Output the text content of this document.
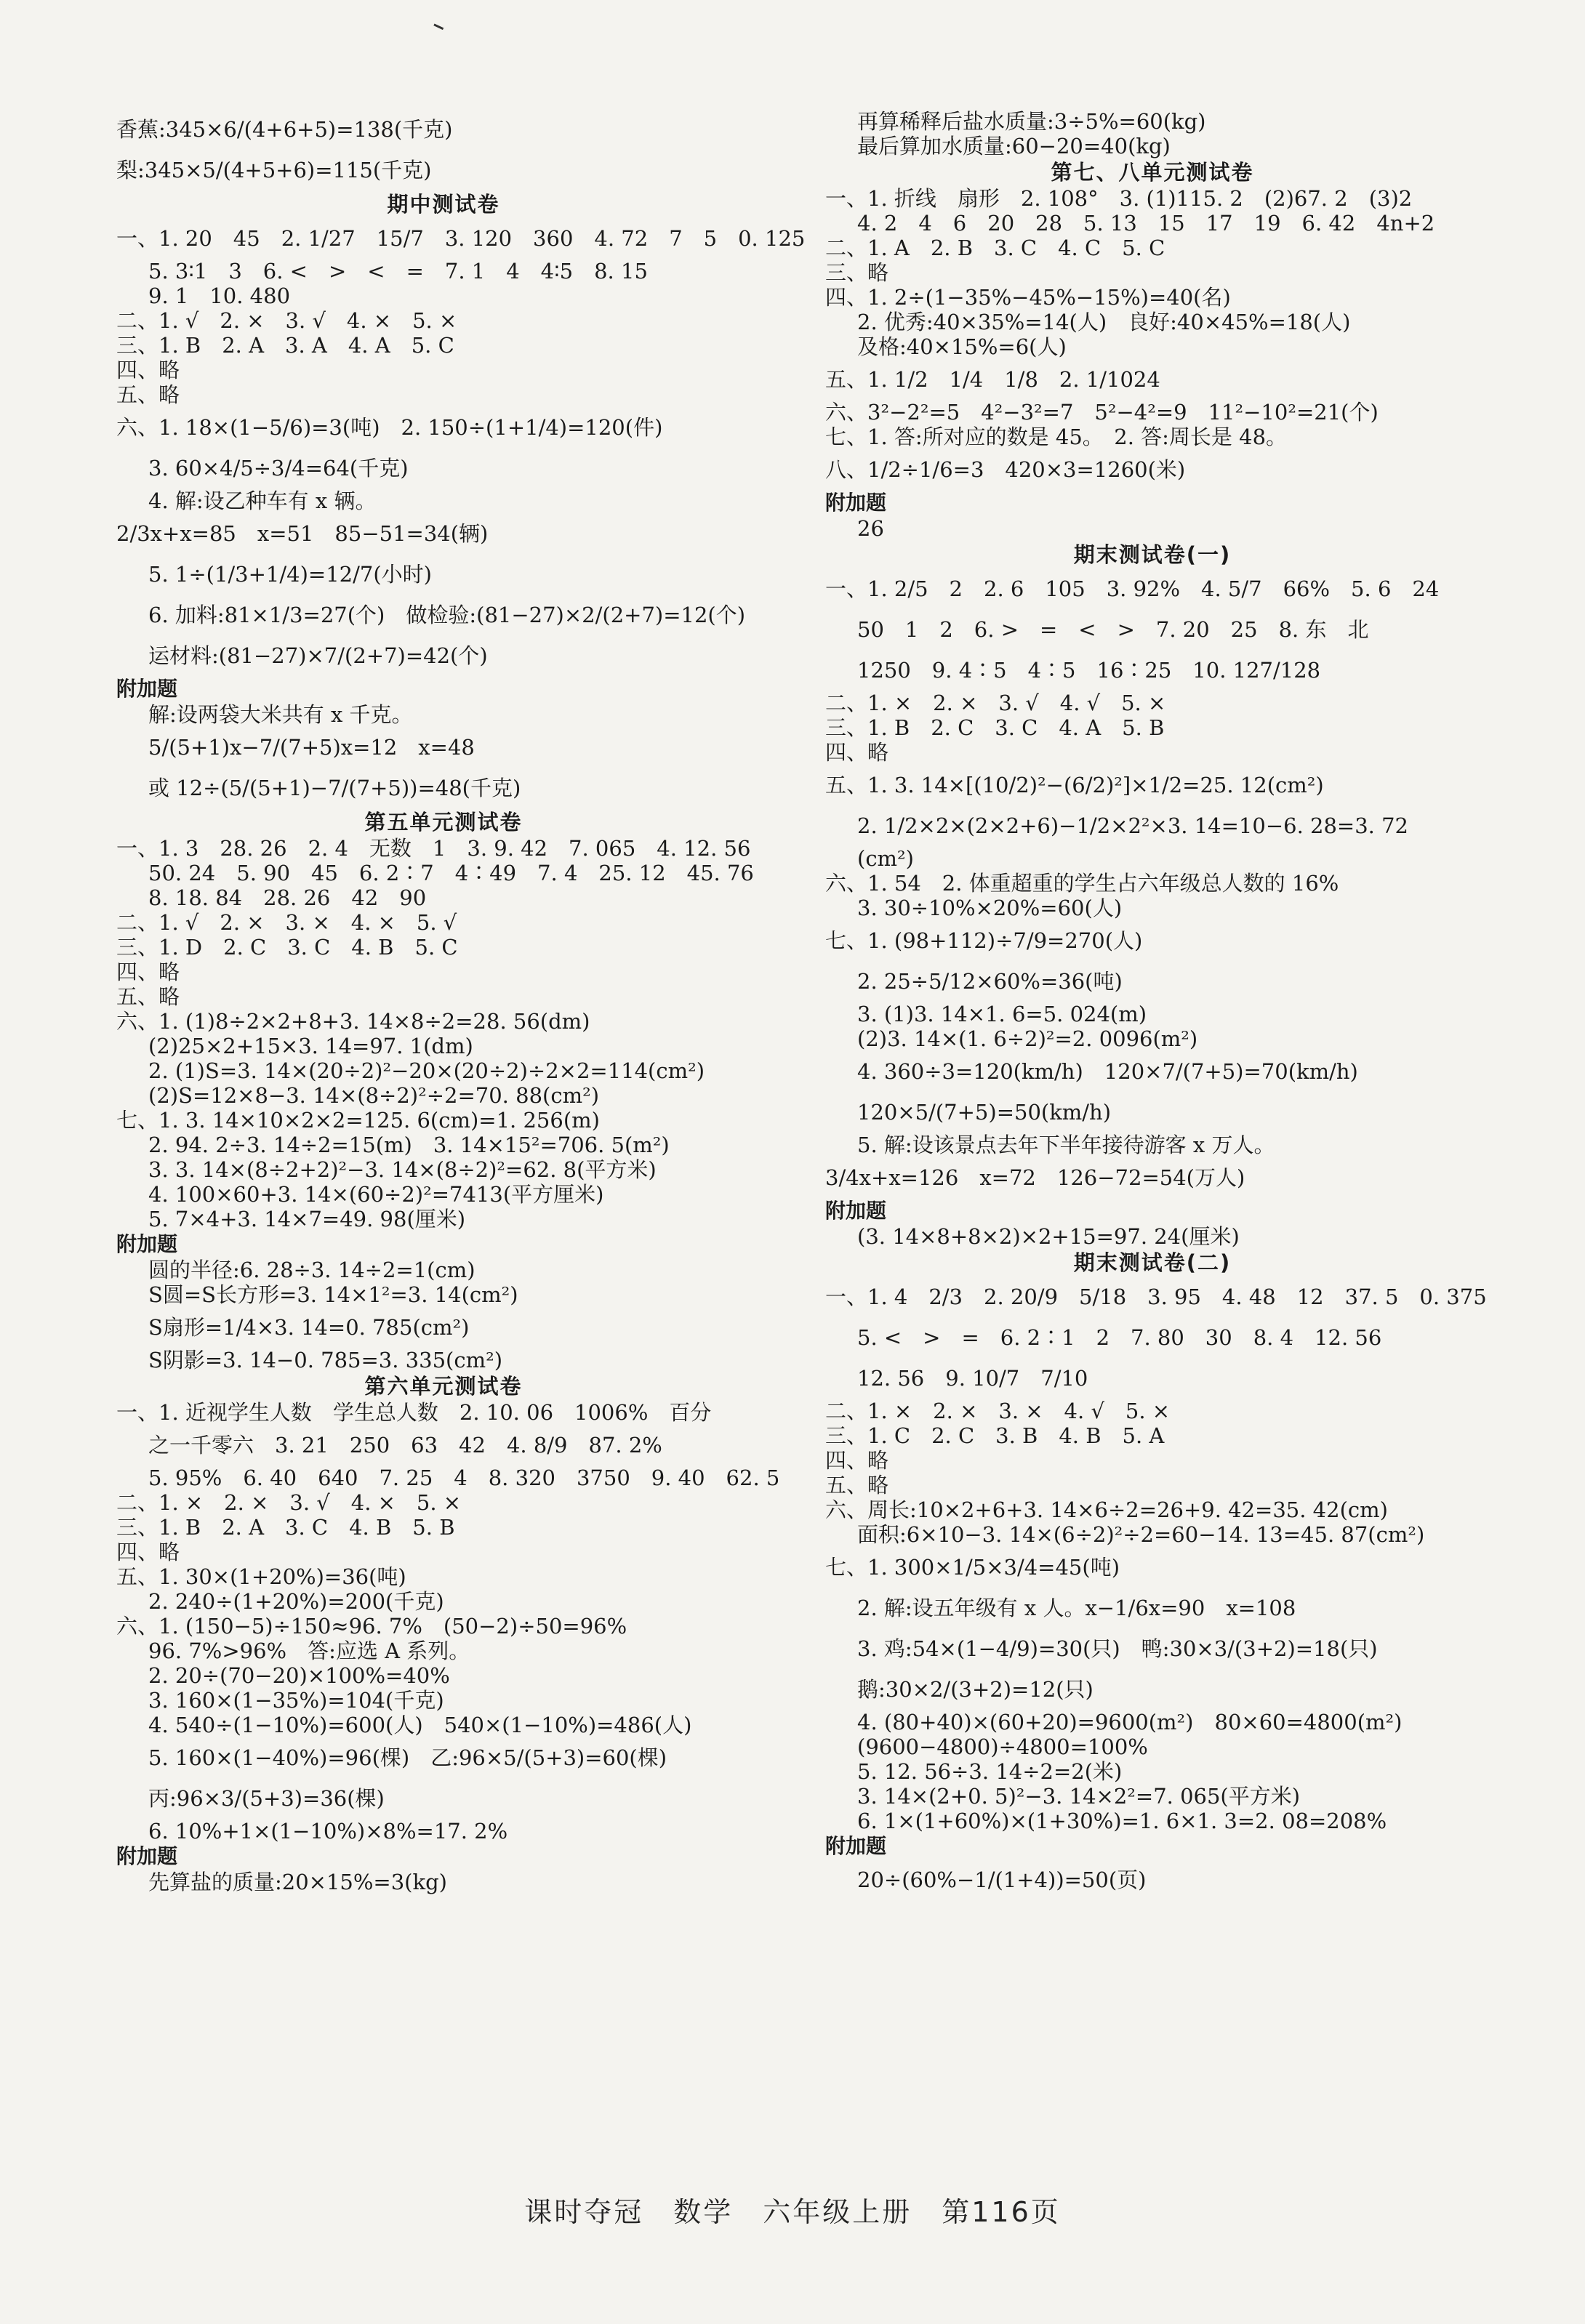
香蕉:345×6/(4+6+5)=138(千克)
梨:345×5/(4+5+6)=115(千克)
期中测试卷
一、1. 20　45　2. 1/27　15/7　3. 120　360　4. 72　7　5　0. 125
5. 3∶1　3　6. <　>　<　=　7. 1　4　4∶5　8. 15
9. 1　10. 480
二、1. √　2. ×　3. √　4. ×　5. ×
三、1. B　2. A　3. A　4. A　5. C
四、略
五、略
六、1. 18×(1−5/6)=3(吨)　2. 150÷(1+1/4)=120(件)
3. 60×4/5÷3/4=64(千克)
4. 解:设乙种车有 x 辆。
2/3x+x=85　x=51　85−51=34(辆)
5. 1÷(1/3+1/4)=12/7(小时)
6. 加料:81×1/3=27(个)　做检验:(81−27)×2/(2+7)=12(个)
运材料:(81−27)×7/(2+7)=42(个)
附加题
解:设两袋大米共有 x 千克。
5/(5+1)x−7/(7+5)x=12　x=48
或 12÷(5/(5+1)−7/(7+5))=48(千克)
第五单元测试卷
一、1. 3　28. 26　2. 4　无数　1　3. 9. 42　7. 065　4. 12. 56
50. 24　5. 90　45　6. 2∶7　4∶49　7. 4　25. 12　45. 76
8. 18. 84　28. 26　42　90
二、1. √　2. ×　3. ×　4. ×　5. √
三、1. D　2. C　3. C　4. B　5. C
四、略
五、略
六、1. (1)8÷2×2+8+3. 14×8÷2=28. 56(dm)
(2)25×2+15×3. 14=97. 1(dm)
2. (1)S=3. 14×(20÷2)²−20×(20÷2)÷2×2=114(cm²)
(2)S=12×8−3. 14×(8÷2)²÷2=70. 88(cm²)
七、1. 3. 14×10×2×2=125. 6(cm)=1. 256(m)
2. 94. 2÷3. 14÷2=15(m)　3. 14×15²=706. 5(m²)
3. 3. 14×(8÷2+2)²−3. 14×(8÷2)²=62. 8(平方米)
4. 100×60+3. 14×(60÷2)²=7413(平方厘米)
5. 7×4+3. 14×7=49. 98(厘米)
附加题
圆的半径:6. 28÷3. 14÷2=1(cm)
S圆=S长方形=3. 14×1²=3. 14(cm²)
S扇形=1/4×3. 14=0. 785(cm²)
S阴影=3. 14−0. 785=3. 335(cm²)
第六单元测试卷
一、1. 近视学生人数　学生总人数　2. 10. 06　1006%　百分
之一千零六　3. 21　250　63　42　4. 8/9　87. 2%
5. 95%　6. 40　640　7. 25　4　8. 320　3750　9. 40　62. 5
二、1. ×　2. ×　3. √　4. ×　5. ×
三、1. B　2. A　3. C　4. B　5. B
四、略
五、1. 30×(1+20%)=36(吨)
2. 240÷(1+20%)=200(千克)
六、1. (150−5)÷150≈96. 7%　(50−2)÷50=96%
96. 7%>96%　答:应选 A 系列。
2. 20÷(70−20)×100%=40%
3. 160×(1−35%)=104(千克)
4. 540÷(1−10%)=600(人)　540×(1−10%)=486(人)
5. 160×(1−40%)=96(棵)　乙:96×5/(5+3)=60(棵)
丙:96×3/(5+3)=36(棵)
6. 10%+1×(1−10%)×8%=17. 2%
附加题
先算盐的质量:20×15%=3(kg)
再算稀释后盐水质量:3÷5%=60(kg)
最后算加水质量:60−20=40(kg)
第七、八单元测试卷
一、1. 折线　扇形　2. 108°　3. (1)115. 2　(2)67. 2　(3)2
4. 2　4　6　20　28　5. 13　15　17　19　6. 42　4n+2
二、1. A　2. B　3. C　4. C　5. C
三、略
四、1. 2÷(1−35%−45%−15%)=40(名)
2. 优秀:40×35%=14(人)　良好:40×45%=18(人)
及格:40×15%=6(人)
五、1. 1/2　1/4　1/8　2. 1/1024
六、3²−2²=5　4²−3²=7　5²−4²=9　11²−10²=21(个)
七、1. 答:所对应的数是 45。　2. 答:周长是 48。
八、1/2÷1/6=3　420×3=1260(米)
附加题
26
期末测试卷(一)
一、1. 2/5　2　2. 6　105　3. 92%　4. 5/7　66%　5. 6　24
50　1　2　6. >　=　<　>　7. 20　25　8. 东　北
1250　9. 4∶5　4∶5　16∶25　10. 127/128
二、1. ×　2. ×　3. √　4. √　5. ×
三、1. B　2. C　3. C　4. A　5. B
四、略
五、1. 3. 14×[(10/2)²−(6/2)²]×1/2=25. 12(cm²)
2. 1/2×2×(2×2+6)−1/2×2²×3. 14=10−6. 28=3. 72
(cm²)
六、1. 54　2. 体重超重的学生占六年级总人数的 16%
3. 30÷10%×20%=60(人)
七、1. (98+112)÷7/9=270(人)
2. 25÷5/12×60%=36(吨)
3. (1)3. 14×1. 6=5. 024(m)
(2)3. 14×(1. 6÷2)²=2. 0096(m²)
4. 360÷3=120(km/h)　120×7/(7+5)=70(km/h)
120×5/(7+5)=50(km/h)
5. 解:设该景点去年下半年接待游客 x 万人。
3/4x+x=126　x=72　126−72=54(万人)
附加题
(3. 14×8+8×2)×2+15=97. 24(厘米)
期末测试卷(二)
一、1. 4　2/3　2. 20/9　5/18　3. 95　4. 48　12　37. 5　0. 375
5. <　>　=　6. 2∶1　2　7. 80　30　8. 4　12. 56
12. 56　9. 10/7　7/10
二、1. ×　2. ×　3. ×　4. √　5. ×
三、1. C　2. C　3. B　4. B　5. A
四、略
五、略
六、周长:10×2+6+3. 14×6÷2=26+9. 42=35. 42(cm)
面积:6×10−3. 14×(6÷2)²÷2=60−14. 13=45. 87(cm²)
七、1. 300×1/5×3/4=45(吨)
2. 解:设五年级有 x 人。x−1/6x=90　x=108
3. 鸡:54×(1−4/9)=30(只)　鸭:30×3/(3+2)=18(只)
鹅:30×2/(3+2)=12(只)
4. (80+40)×(60+20)=9600(m²)　80×60=4800(m²)
(9600−4800)÷4800=100%
5. 12. 56÷3. 14÷2=2(米)
3. 14×(2+0. 5)²−3. 14×2²=7. 065(平方米)
6. 1×(1+60%)×(1+30%)=1. 6×1. 3=2. 08=208%
附加题
20÷(60%−1/(1+4))=50(页)
课时夺冠　数学　六年级上册　第116页
